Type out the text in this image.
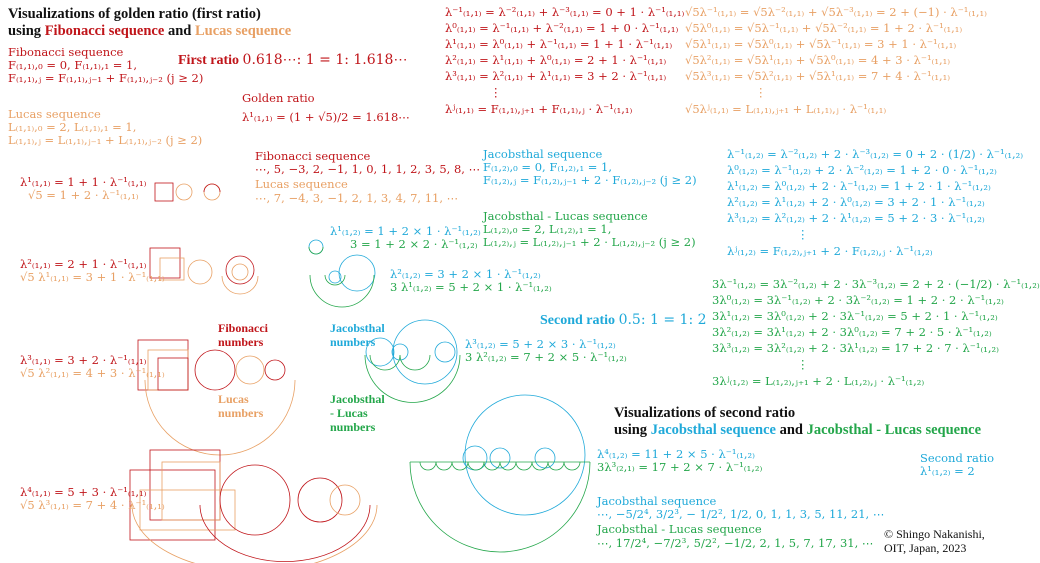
Visualizations of golden ratio (first ratio)
using Fibonacci sequence and Lucas sequence
First ratio 0.618⋯: 1 = 1: 1.618⋯
Fibonacci sequence
F₍₁,₁₎,₀ = 0, F₍₁,₁₎,₁ = 1,
F₍₁,₁₎,ⱼ = F₍₁,₁₎,ⱼ₋₁ + F₍₁,₁₎,ⱼ₋₂ (j ≥ 2)
Lucas sequence
L₍₁,₁₎,₀ = 2, L₍₁,₁₎,₁ = 1,
L₍₁,₁₎,ⱼ = L₍₁,₁₎,ⱼ₋₁ + L₍₁,₁₎,ⱼ₋₂ (j ≥ 2)
Golden ratio
λ¹₍₁,₁₎ = (1 + √5)/2 = 1.618⋯
λ¹₍₁,₁₎ = 1 + 1 · λ⁻¹₍₁,₁₎
√5 = 1 + 2 · λ⁻¹₍₁,₁₎
λ²₍₁,₁₎ = 2 + 1 · λ⁻¹₍₁,₁₎
√5 λ¹₍₁,₁₎ = 3 + 1 · λ⁻¹₍₁,₁₎
λ³₍₁,₁₎ = 3 + 2 · λ⁻¹₍₁,₁₎
√5 λ²₍₁,₁₎ = 4 + 3 · λ⁻¹₍₁,₁₎
λ⁴₍₁,₁₎ = 5 + 3 · λ⁻¹₍₁,₁₎
√5 λ³₍₁,₁₎ = 7 + 4 · λ⁻¹₍₁,₁₎
Fibonacci sequence
⋯, 5, −3, 2, −1, 1, 0, 1, 1, 2, 3, 5, 8, ⋯
Lucas sequence
⋯, 7, −4, 3, −1, 2, 1, 3, 4, 7, 11, ⋯
Fibonacci
numbers
Lucas
numbers
Jacobsthal
numbers
Jacobsthal
- Lucas
numbers
λ¹₍₁,₂₎ = 1 + 2 × 1 · λ⁻¹₍₁,₂₎
3 = 1 + 2 × 2 · λ⁻¹₍₁,₂₎
λ²₍₁,₂₎ = 3 + 2 × 1 · λ⁻¹₍₁,₂₎
3 λ¹₍₁,₂₎ = 5 + 2 × 1 · λ⁻¹₍₁,₂₎
λ³₍₁,₂₎ = 5 + 2 × 3 · λ⁻¹₍₁,₂₎
3 λ²₍₁,₂₎ = 7 + 2 × 5 · λ⁻¹₍₁,₂₎
Second ratio 0.5: 1 = 1: 2
λ⁻¹₍₁,₁₎ = λ⁻²₍₁,₁₎ + λ⁻³₍₁,₁₎ = 0 + 1 · λ⁻¹₍₁,₁₎
λ⁰₍₁,₁₎ = λ⁻¹₍₁,₁₎ + λ⁻²₍₁,₁₎ = 1 + 0 · λ⁻¹₍₁,₁₎
λ¹₍₁,₁₎ = λ⁰₍₁,₁₎ + λ⁻¹₍₁,₁₎ = 1 + 1 · λ⁻¹₍₁,₁₎
λ²₍₁,₁₎ = λ¹₍₁,₁₎ + λ⁰₍₁,₁₎ = 2 + 1 · λ⁻¹₍₁,₁₎
λ³₍₁,₁₎ = λ²₍₁,₁₎ + λ¹₍₁,₁₎ = 3 + 2 · λ⁻¹₍₁,₁₎
⋮
λʲ₍₁,₁₎ = F₍₁,₁₎,ⱼ₊₁ + F₍₁,₁₎,ⱼ · λ⁻¹₍₁,₁₎
√5λ⁻¹₍₁,₁₎ = √5λ⁻²₍₁,₁₎ + √5λ⁻³₍₁,₁₎ = 2 + (−1) · λ⁻¹₍₁,₁₎
√5λ⁰₍₁,₁₎ = √5λ⁻¹₍₁,₁₎ + √5λ⁻²₍₁,₁₎ = 1 + 2 · λ⁻¹₍₁,₁₎
√5λ¹₍₁,₁₎ = √5λ⁰₍₁,₁₎ + √5λ⁻¹₍₁,₁₎ = 3 + 1 · λ⁻¹₍₁,₁₎
√5λ²₍₁,₁₎ = √5λ¹₍₁,₁₎ + √5λ⁰₍₁,₁₎ = 4 + 3 · λ⁻¹₍₁,₁₎
√5λ³₍₁,₁₎ = √5λ²₍₁,₁₎ + √5λ¹₍₁,₁₎ = 7 + 4 · λ⁻¹₍₁,₁₎
⋮
√5λʲ₍₁,₁₎ = L₍₁,₁₎,ⱼ₊₁ + L₍₁,₁₎,ⱼ · λ⁻¹₍₁,₁₎
Jacobsthal sequence
F₍₁,₂₎,₀ = 0, F₍₁,₂₎,₁ = 1,
F₍₁,₂₎,ⱼ = F₍₁,₂₎,ⱼ₋₁ + 2 · F₍₁,₂₎,ⱼ₋₂ (j ≥ 2)
Jacobsthal - Lucas sequence
L₍₁,₂₎,₀ = 2, L₍₁,₂₎,₁ = 1,
L₍₁,₂₎,ⱼ = L₍₁,₂₎,ⱼ₋₁ + 2 · L₍₁,₂₎,ⱼ₋₂ (j ≥ 2)
λ⁻¹₍₁,₂₎ = λ⁻²₍₁,₂₎ + 2 · λ⁻³₍₁,₂₎ = 0 + 2 · (1/2) · λ⁻¹₍₁,₂₎
λ⁰₍₁,₂₎ = λ⁻¹₍₁,₂₎ + 2 · λ⁻²₍₁,₂₎ = 1 + 2 · 0 · λ⁻¹₍₁,₂₎
λ¹₍₁,₂₎ = λ⁰₍₁,₂₎ + 2 · λ⁻¹₍₁,₂₎ = 1 + 2 · 1 · λ⁻¹₍₁,₂₎
λ²₍₁,₂₎ = λ¹₍₁,₂₎ + 2 · λ⁰₍₁,₂₎ = 3 + 2 · 1 · λ⁻¹₍₁,₂₎
λ³₍₁,₂₎ = λ²₍₁,₂₎ + 2 · λ¹₍₁,₂₎ = 5 + 2 · 3 · λ⁻¹₍₁,₂₎
⋮
λʲ₍₁,₂₎ = F₍₁,₂₎,ⱼ₊₁ + 2 · F₍₁,₂₎,ⱼ · λ⁻¹₍₁,₂₎
3λ⁻¹₍₁,₂₎ = 3λ⁻²₍₁,₂₎ + 2 · 3λ⁻³₍₁,₂₎ = 2 + 2 · (−1/2) · λ⁻¹₍₁,₂₎
3λ⁰₍₁,₂₎ = 3λ⁻¹₍₁,₂₎ + 2 · 3λ⁻²₍₁,₂₎ = 1 + 2 · 2 · λ⁻¹₍₁,₂₎
3λ¹₍₁,₂₎ = 3λ⁰₍₁,₂₎ + 2 · 3λ⁻¹₍₁,₂₎ = 5 + 2 · 1 · λ⁻¹₍₁,₂₎
3λ²₍₁,₂₎ = 3λ¹₍₁,₂₎ + 2 · 3λ⁰₍₁,₂₎ = 7 + 2 · 5 · λ⁻¹₍₁,₂₎
3λ³₍₁,₂₎ = 3λ²₍₁,₂₎ + 2 · 3λ¹₍₁,₂₎ = 17 + 2 · 7 · λ⁻¹₍₁,₂₎
⋮
3λʲ₍₁,₂₎ = L₍₁,₂₎,ⱼ₊₁ + 2 · L₍₁,₂₎,ⱼ · λ⁻¹₍₁,₂₎
Visualizations of second ratio
using Jacobsthal sequence and Jacobsthal - Lucas sequence
λ⁴₍₁,₂₎ = 11 + 2 × 5 · λ⁻¹₍₁,₂₎
3λ³₍₂,₁₎ = 17 + 2 × 7 · λ⁻¹₍₁,₂₎
Second ratio
λ¹₍₁,₂₎ = 2
Jacobsthal sequence
⋯, −5/2⁴, 3/2³, − 1/2², 1/2, 0, 1, 1, 3, 5, 11, 21, ⋯
Jacobsthal - Lucas sequence
⋯, 17/2⁴, −7/2³, 5/2², −1/2, 2, 1, 5, 7, 17, 31, ⋯
© Shingo Nakanishi,
OIT, Japan, 2023
